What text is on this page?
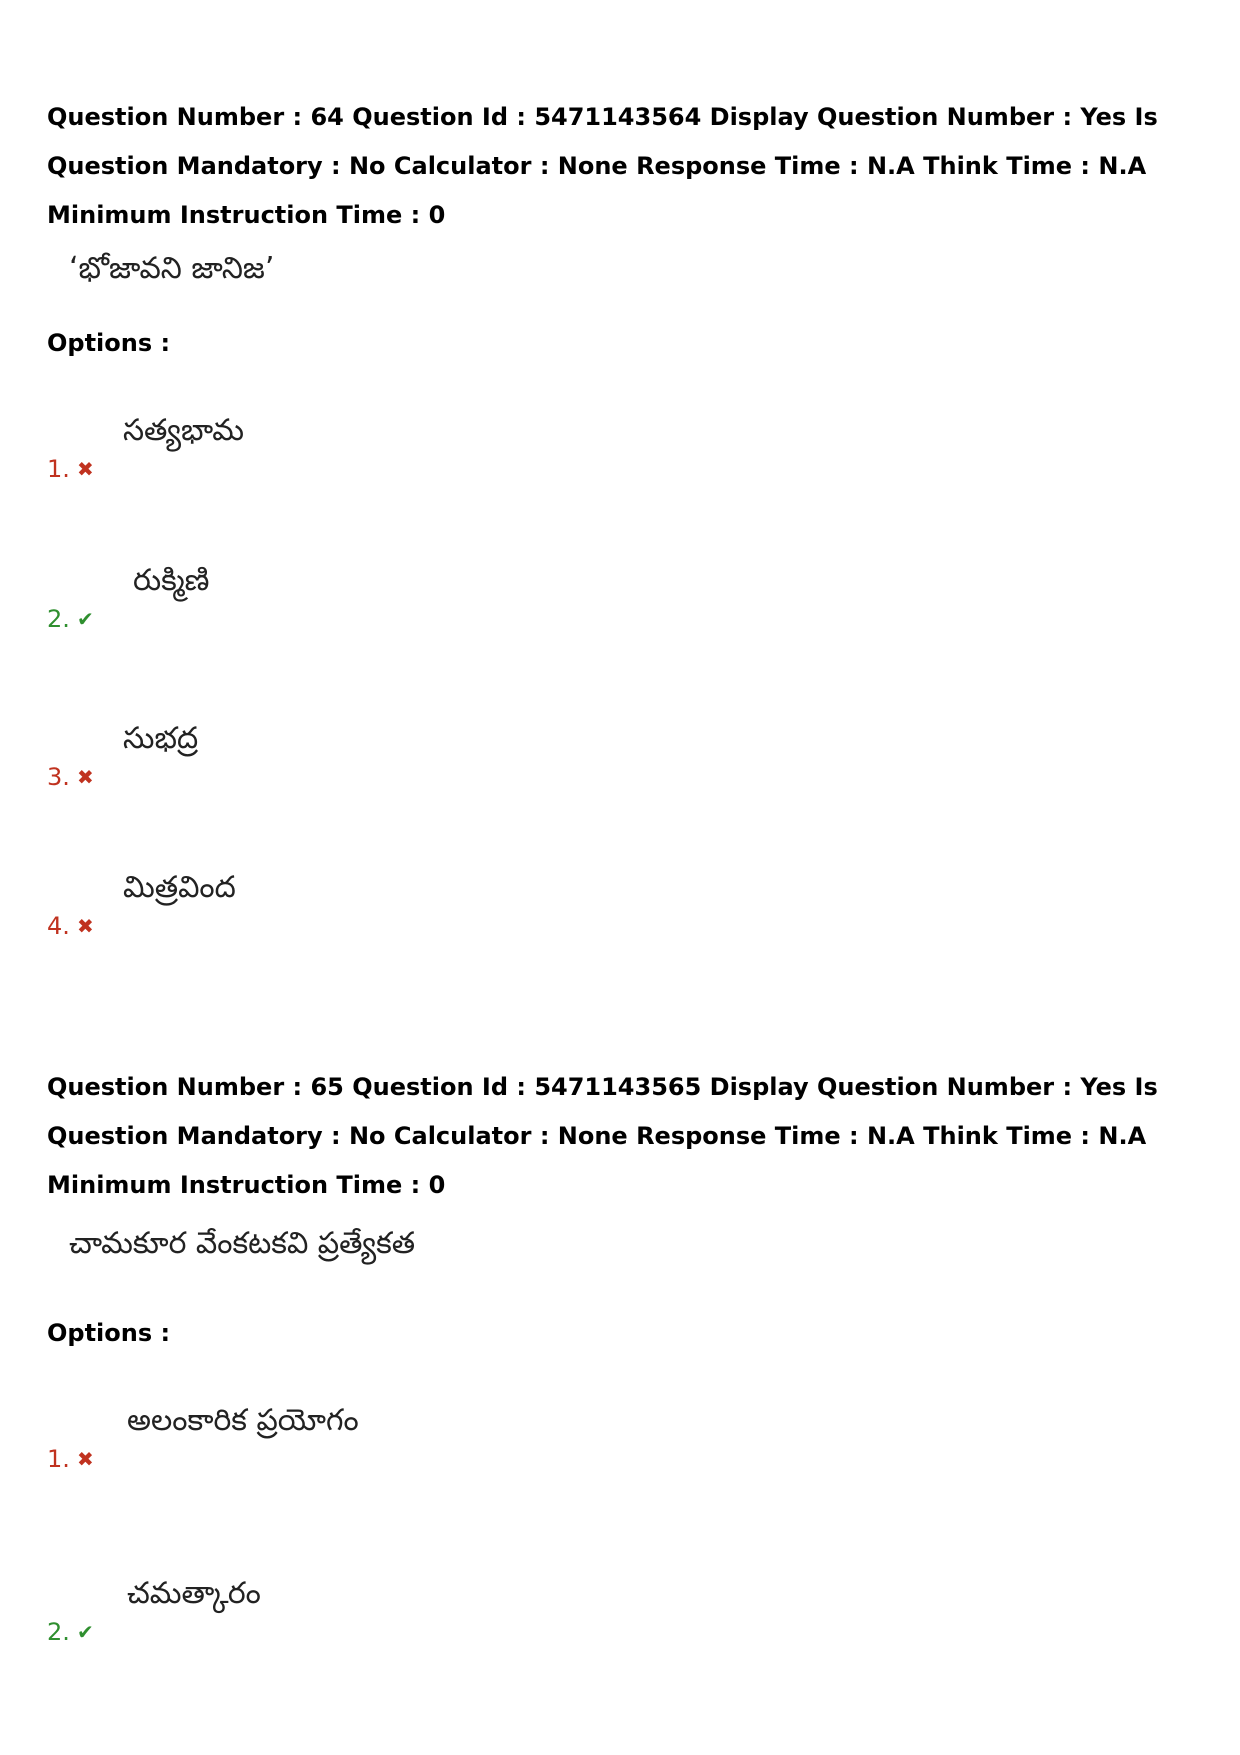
Question Number : 64 Question Id : 5471143564 Display Question Number : Yes Is Question Mandatory : No Calculator : None Response Time : N.A Think Time : N.A Minimum Instruction Time : 0

‘భోజావని జానిజ’
Options :
1. ✖
సత్యభామ
2. ✔
రుక్మిణి
3. ✖
సుభద్ర
4. ✖
మిత్రవింద

Question Number : 65 Question Id : 5471143565 Display Question Number : Yes Is Question Mandatory : No Calculator : None Response Time : N.A Think Time : N.A Minimum Instruction Time : 0

చామకూర వేంకటకవి ప్రత్యేకత
Options :
1. ✖
అలంకారిక ప్రయోగం
2. ✔
చమత్కారం
